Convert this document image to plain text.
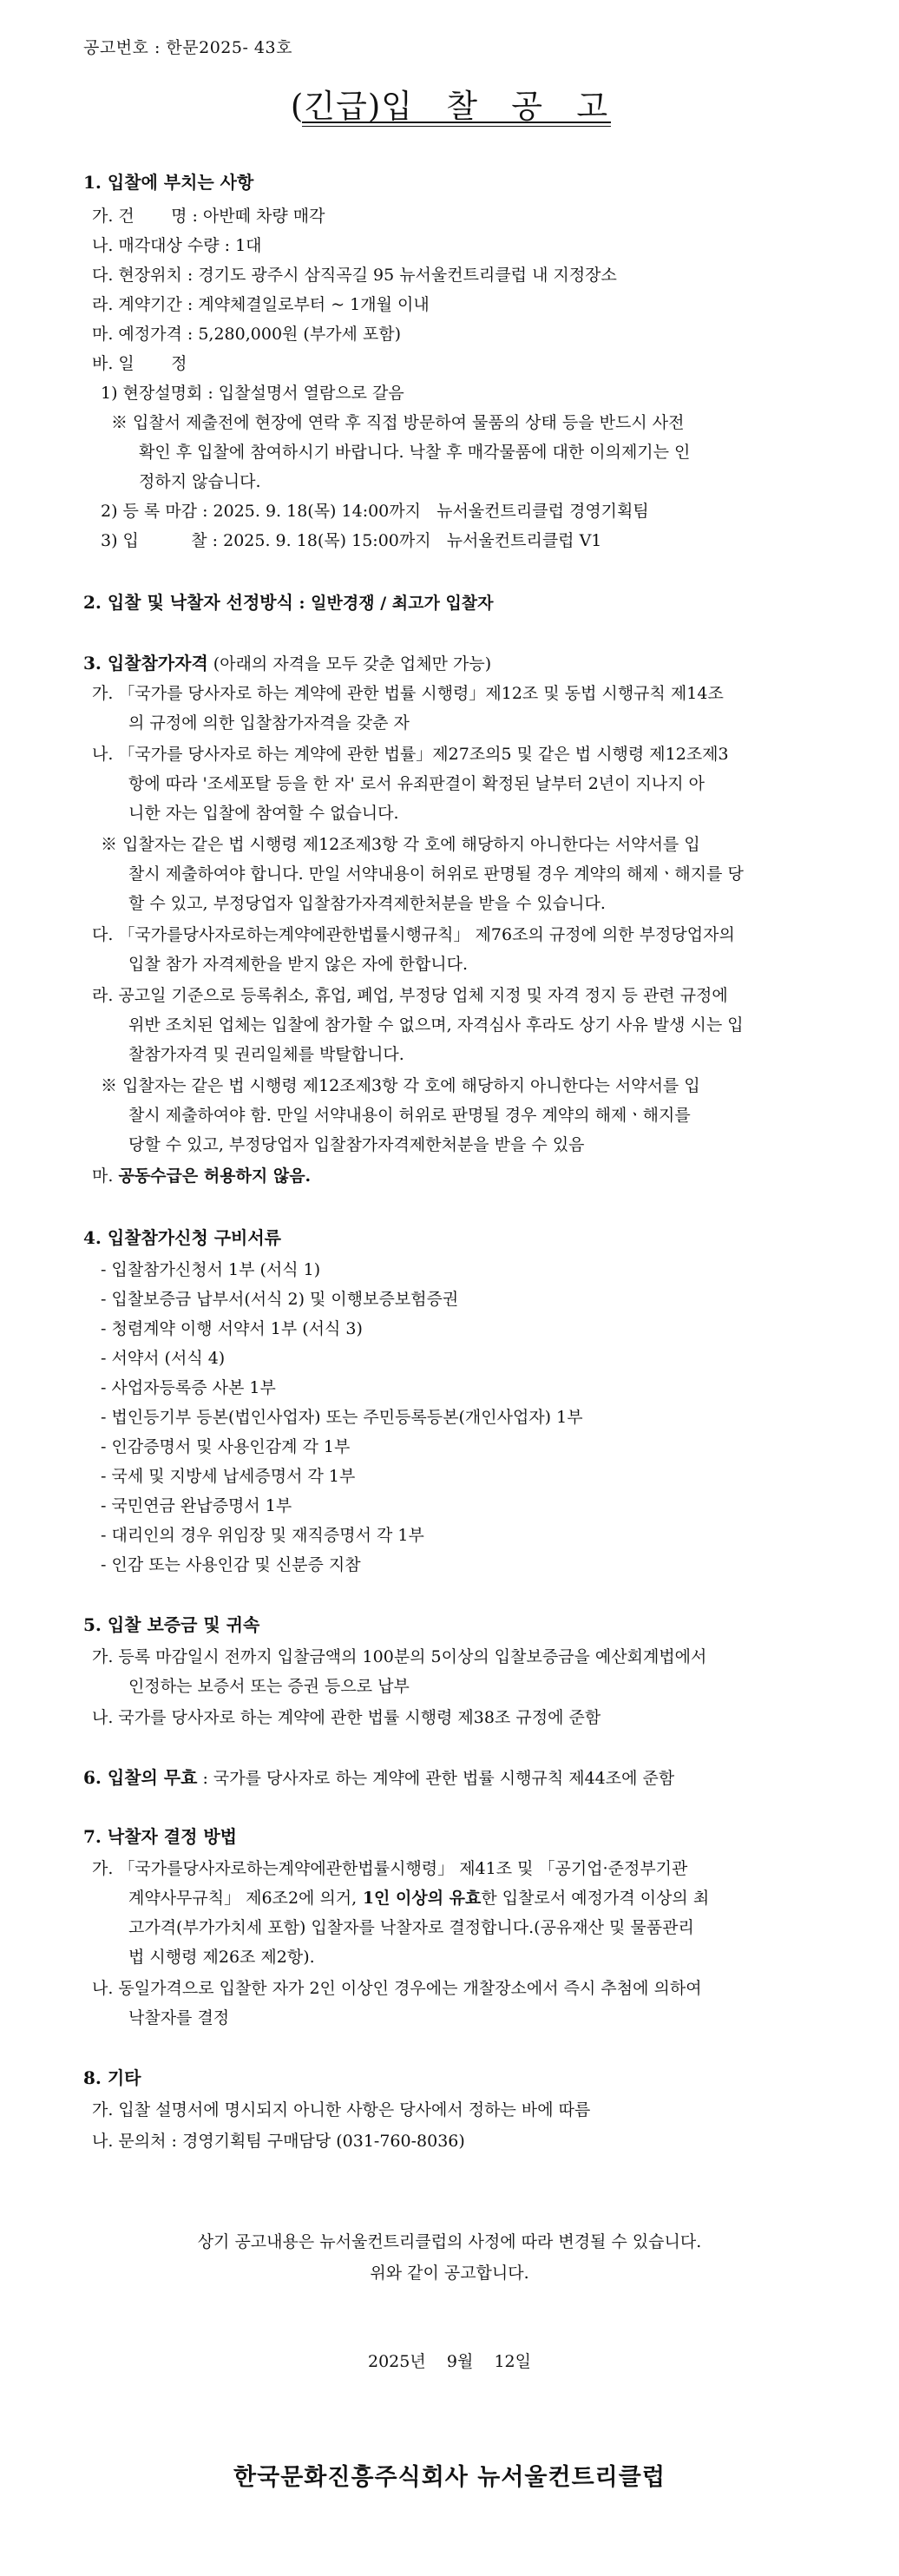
공고번호 : 한문2025- 43호
(긴급)입   찰   공   고
1. 입찰에 부치는 사항
가. 건       명 : 아반떼 차량 매각
나. 매각대상 수량 : 1대
다. 현장위치 : 경기도 광주시 삼직곡길 95 뉴서울컨트리클럽 내 지정장소
라. 계약기간 : 계약체결일로부터 ~ 1개월 이내
마. 예정가격 : 5,280,000원 (부가세 포함)
바. 일       정
1) 현장설명회 : 입찰설명서 열람으로 갈음
※ 입찰서 제출전에 현장에 연락 후 직접 방문하여 물품의 상태 등을 반드시 사전
확인 후 입찰에 참여하시기 바랍니다. 낙찰 후 매각물품에 대한 이의제기는 인
정하지 않습니다.
2) 등 록 마감 : 2025. 9. 18(목) 14:00까지   뉴서울컨트리클럽 경영기획팀
3) 입          찰 : 2025. 9. 18(목) 15:00까지   뉴서울컨트리클럽 V1
2. 입찰 및 낙찰자 선정방식 : 일반경쟁 / 최고가 입찰자
3. 입찰참가자격 (아래의 자격을 모두 갖춘 업체만 가능)
가. 「국가를 당사자로 하는 계약에 관한 법률 시행령」제12조 및 동법 시행규칙 제14조
의 규정에 의한 입찰참가자격을 갖춘 자
나. 「국가를 당사자로 하는 계약에 관한 법률」제27조의5 및 같은 법 시행령 제12조제3
항에 따라 '조세포탈 등을 한 자' 로서 유죄판결이 확정된 날부터 2년이 지나지 아
니한 자는 입찰에 참여할 수 없습니다.
※ 입찰자는 같은 법 시행령 제12조제3항 각 호에 해당하지 아니한다는 서약서를 입
찰시 제출하여야 합니다. 만일 서약내용이 허위로 판명될 경우 계약의 해제ㆍ해지를 당
할 수 있고, 부정당업자 입찰참가자격제한처분을 받을 수 있습니다.
다. 「국가를당사자로하는계약에관한법률시행규칙」 제76조의 규정에 의한 부정당업자의
입찰 참가 자격제한을 받지 않은 자에 한합니다.
라. 공고일 기준으로 등록취소, 휴업, 폐업, 부정당 업체 지정 및 자격 정지 등 관련 규정에
위반 조치된 업체는 입찰에 참가할 수 없으며, 자격심사 후라도 상기 사유 발생 시는 입
찰참가자격 및 권리일체를 박탈합니다.
※ 입찰자는 같은 법 시행령 제12조제3항 각 호에 해당하지 아니한다는 서약서를 입
찰시 제출하여야 함. 만일 서약내용이 허위로 판명될 경우 계약의 해제ㆍ해지를
당할 수 있고, 부정당업자 입찰참가자격제한처분을 받을 수 있음
마. 공동수급은 허용하지 않음.
4. 입찰참가신청 구비서류
- 입찰참가신청서 1부 (서식 1)
- 입찰보증금 납부서(서식 2) 및 이행보증보험증권
- 청렴계약 이행 서약서 1부 (서식 3)
- 서약서 (서식 4)
- 사업자등록증 사본 1부
- 법인등기부 등본(법인사업자) 또는 주민등록등본(개인사업자) 1부
- 인감증명서 및 사용인감계 각 1부
- 국세 및 지방세 납세증명서 각 1부
- 국민연금 완납증명서 1부
- 대리인의 경우 위임장 및 재직증명서 각 1부
- 인감 또는 사용인감 및 신분증 지참
5. 입찰 보증금 및 귀속
가. 등록 마감일시 전까지 입찰금액의 100분의 5이상의 입찰보증금을 예산회계법에서
인정하는 보증서 또는 증권 등으로 납부
나. 국가를 당사자로 하는 계약에 관한 법률 시행령 제38조 규정에 준함
6. 입찰의 무효 : 국가를 당사자로 하는 계약에 관한 법률 시행규칙 제44조에 준함
7. 낙찰자 결정 방법
가. 「국가를당사자로하는계약에관한법률시행령」 제41조 및 「공기업·준정부기관
계약사무규칙」 제6조2에 의거, 1인 이상의 유효한 입찰로서 예정가격 이상의 최
고가격(부가가치세 포함) 입찰자를 낙찰자로 결정합니다.(공유재산 및 물품관리
법 시행령 제26조 제2항).
나. 동일가격으로 입찰한 자가 2인 이상인 경우에는 개찰장소에서 즉시 추첨에 의하여
낙찰자를 결정
8. 기타
가. 입찰 설명서에 명시되지 아니한 사항은 당사에서 정하는 바에 따름
나. 문의처 : 경영기획팀 구매담당 (031-760-8036)
상기 공고내용은 뉴서울컨트리클럽의 사정에 따라 변경될 수 있습니다.
위와 같이 공고합니다.
2025년    9월    12일
한국문화진흥주식회사 뉴서울컨트리클럽
